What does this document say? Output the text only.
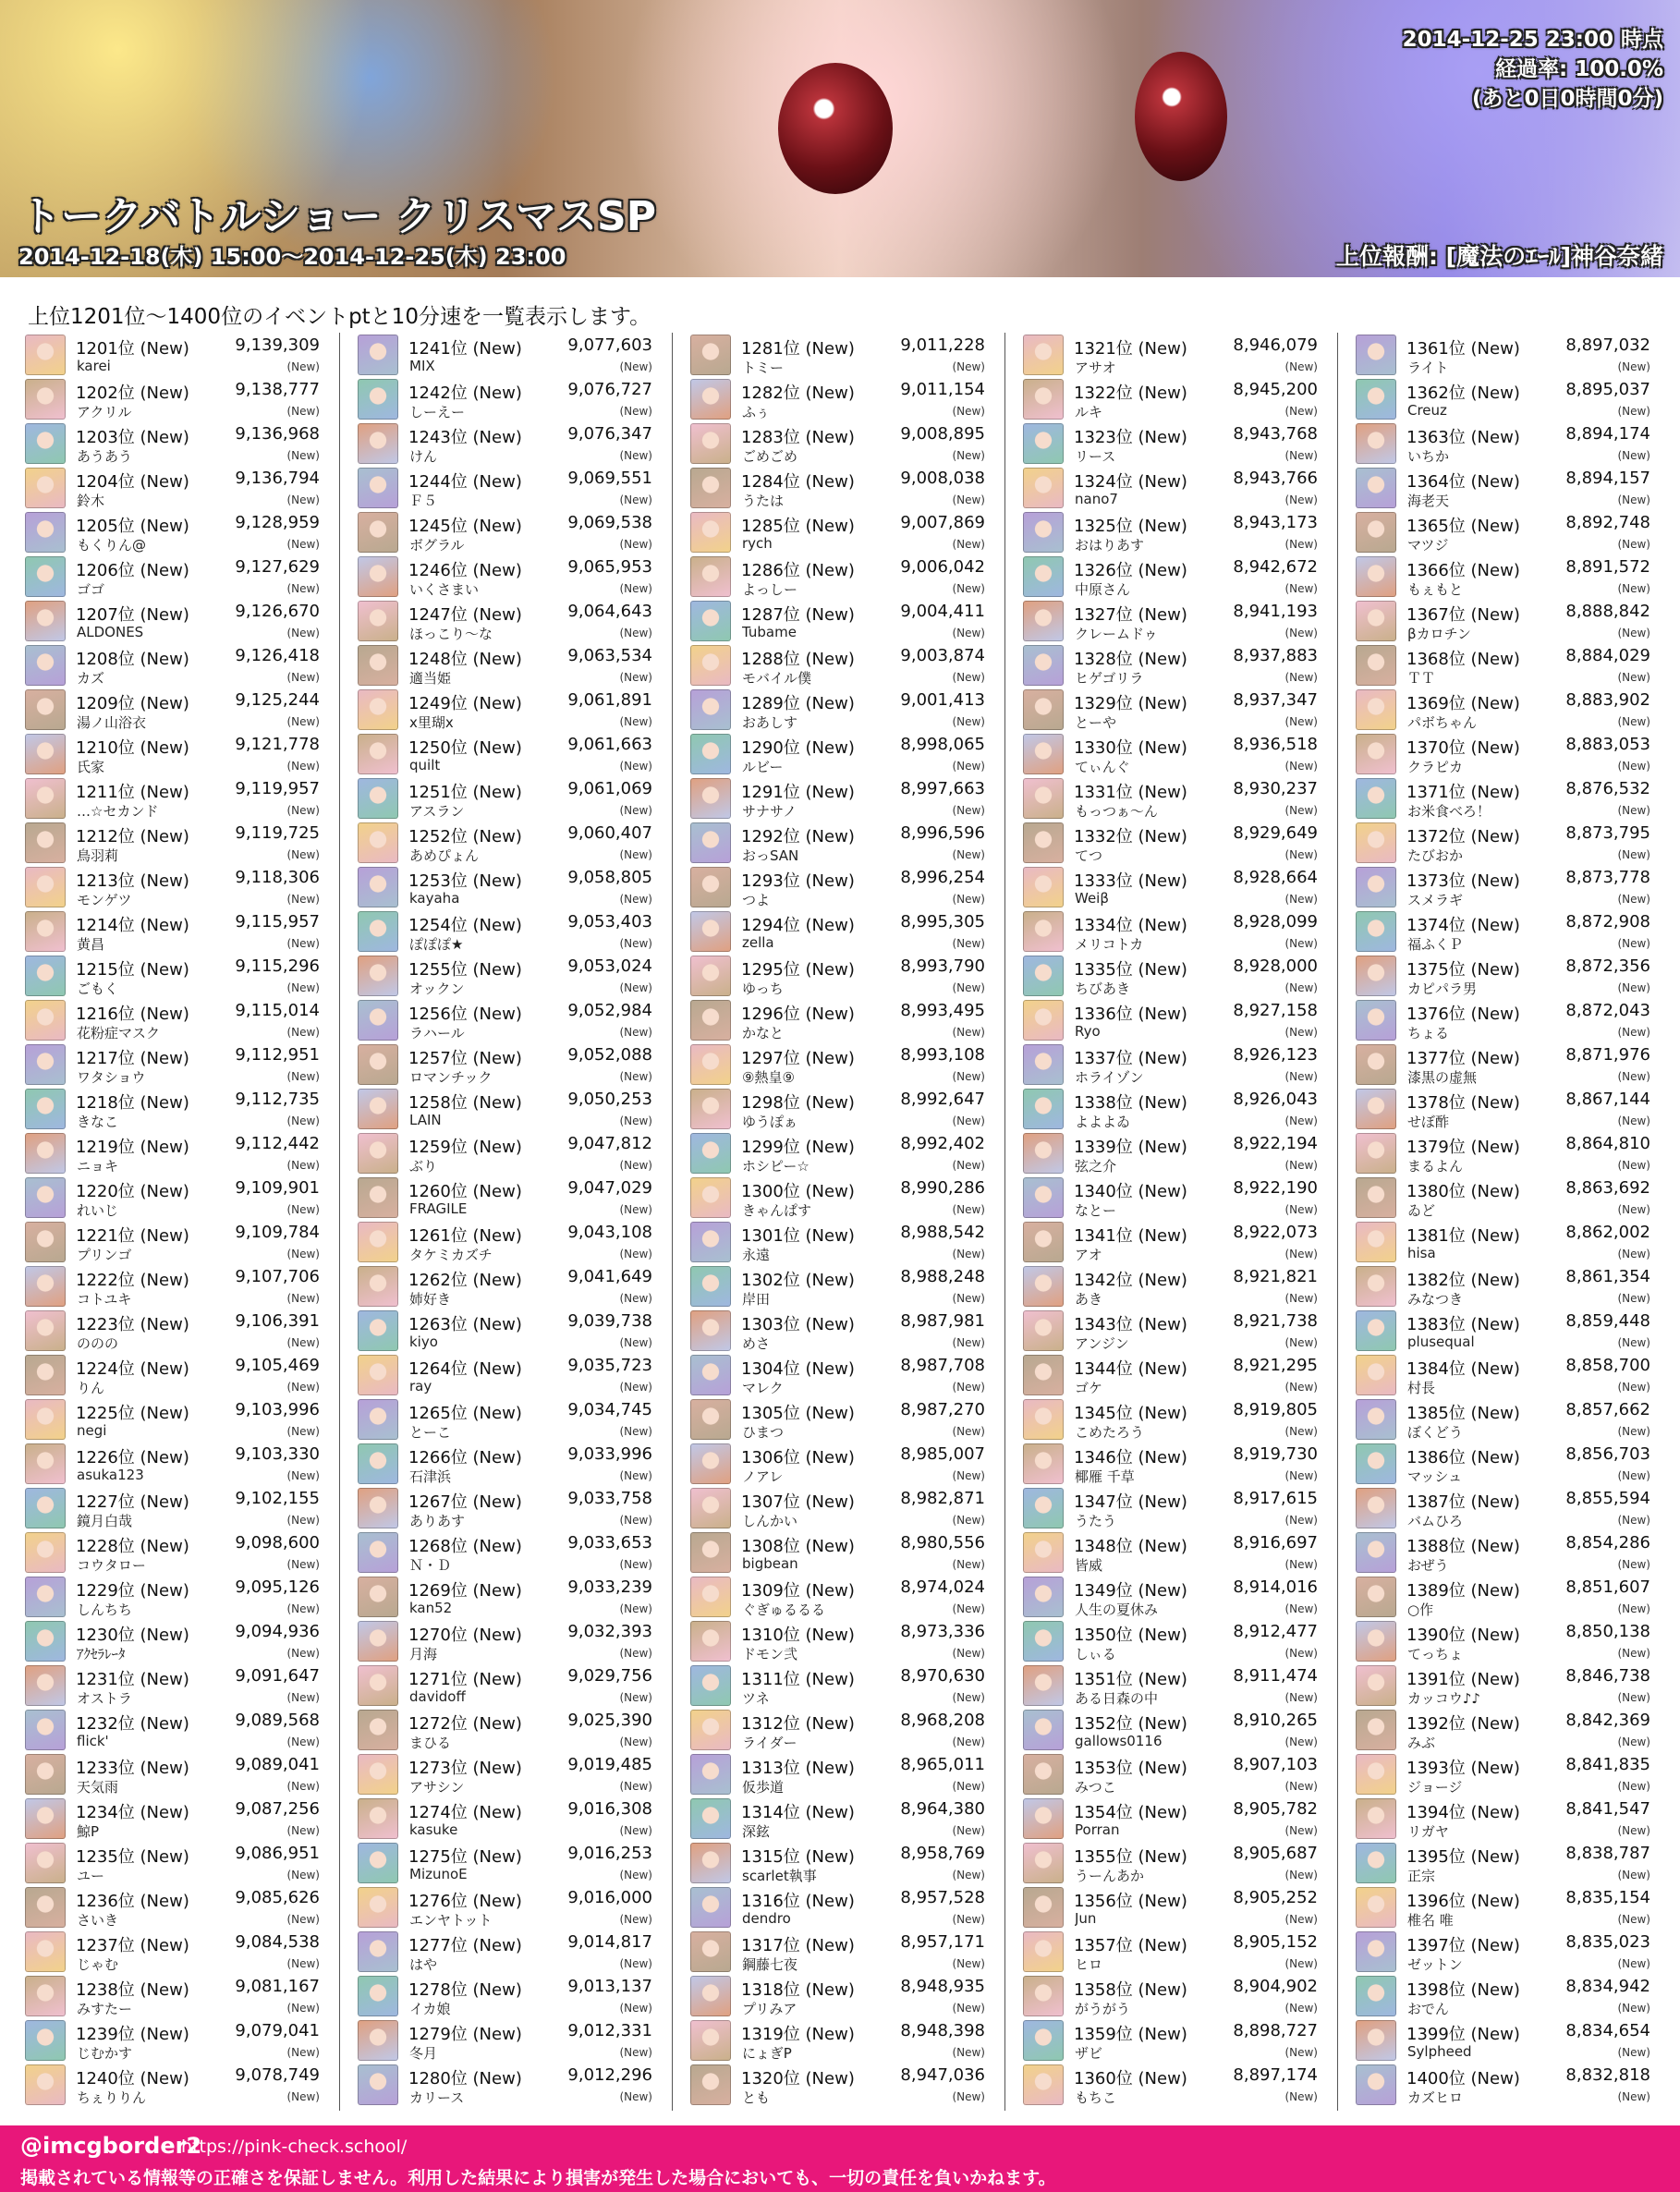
2014-12-25 23:00 時点
経過率: 100.0%
(あと0日0時間0分)
トークバトルショー クリスマスSP
2014-12-18(木) 15:00～2014-12-25(木) 23:00	上位報酬: [魔法のｴｰﾙ]神谷奈緒
上位1201位～1400位のイベントptと10分速を一覧表示します。
1201位 (New)	9,139,309
karei	(New)
1202位 (New)	9,138,777
アクリル	(New)
1203位 (New)	9,136,968
あうあう	(New)
1204位 (New)	9,136,794
鈴木	(New)
1205位 (New)	9,128,959
もくりん@	(New)
1206位 (New)	9,127,629
ゴゴ	(New)
1207位 (New)	9,126,670
ALDONES	(New)
1208位 (New)	9,126,418
カズ	(New)
1209位 (New)	9,125,244
湯ノ山浴衣	(New)
1210位 (New)	9,121,778
氏家	(New)
1211位 (New)	9,119,957
…☆セカンド	(New)
1212位 (New)	9,119,725
鳥羽莉	(New)
1213位 (New)	9,118,306
モンゲツ	(New)
1214位 (New)	9,115,957
黄昌	(New)
1215位 (New)	9,115,296
ごもく	(New)
1216位 (New)	9,115,014
花粉症マスク	(New)
1217位 (New)	9,112,951
ワタショウ	(New)
1218位 (New)	9,112,735
きなこ	(New)
1219位 (New)	9,112,442
ニョキ	(New)
1220位 (New)	9,109,901
れいじ	(New)
1221位 (New)	9,109,784
プリンゴ	(New)
1222位 (New)	9,107,706
コトユキ	(New)
1223位 (New)	9,106,391
ののの	(New)
1224位 (New)	9,105,469
りん	(New)
1225位 (New)	9,103,996
negi	(New)
1226位 (New)	9,103,330
asuka123	(New)
1227位 (New)	9,102,155
鏡月白哉	(New)
1228位 (New)	9,098,600
コウタロー	(New)
1229位 (New)	9,095,126
しんちち	(New)
1230位 (New)	9,094,936
ｱｸｾﾗﾚｰﾀ	(New)
1231位 (New)	9,091,647
オストラ	(New)
1232位 (New)	9,089,568
flick'	(New)
1233位 (New)	9,089,041
天気雨	(New)
1234位 (New)	9,087,256
鯨P	(New)
1235位 (New)	9,086,951
ユー	(New)
1236位 (New)	9,085,626
さいき	(New)
1237位 (New)	9,084,538
じゃむ	(New)
1238位 (New)	9,081,167
みすたー	(New)
1239位 (New)	9,079,041
じむかす	(New)
1240位 (New)	9,078,749
ちぇりりん	(New)
1241位 (New)	9,077,603
MIX	(New)
1242位 (New)	9,076,727
しーえー	(New)
1243位 (New)	9,076,347
けん	(New)
1244位 (New)	9,069,551
Ｆ５	(New)
1245位 (New)	9,069,538
ボグラル	(New)
1246位 (New)	9,065,953
いくさまい	(New)
1247位 (New)	9,064,643
ほっこり～な	(New)
1248位 (New)	9,063,534
適当姫	(New)
1249位 (New)	9,061,891
x里瑚x	(New)
1250位 (New)	9,061,663
quilt	(New)
1251位 (New)	9,061,069
アスラン	(New)
1252位 (New)	9,060,407
あめぴょん	(New)
1253位 (New)	9,058,805
kayaha	(New)
1254位 (New)	9,053,403
ぽぽぽ★	(New)
1255位 (New)	9,053,024
オックン	(New)
1256位 (New)	9,052,984
ラハール	(New)
1257位 (New)	9,052,088
ロマンチック	(New)
1258位 (New)	9,050,253
LAIN	(New)
1259位 (New)	9,047,812
ぶり	(New)
1260位 (New)	9,047,029
FRAGILE	(New)
1261位 (New)	9,043,108
タケミカズチ	(New)
1262位 (New)	9,041,649
姉好き	(New)
1263位 (New)	9,039,738
kiyo	(New)
1264位 (New)	9,035,723
ray	(New)
1265位 (New)	9,034,745
とーこ	(New)
1266位 (New)	9,033,996
石津浜	(New)
1267位 (New)	9,033,758
ありあす	(New)
1268位 (New)	9,033,653
Ｎ・Ｄ	(New)
1269位 (New)	9,033,239
kan52	(New)
1270位 (New)	9,032,393
月海	(New)
1271位 (New)	9,029,756
davidoff	(New)
1272位 (New)	9,025,390
まひる	(New)
1273位 (New)	9,019,485
アサシン	(New)
1274位 (New)	9,016,308
kasuke	(New)
1275位 (New)	9,016,253
MizunoE	(New)
1276位 (New)	9,016,000
エンヤトット	(New)
1277位 (New)	9,014,817
はや	(New)
1278位 (New)	9,013,137
イカ娘	(New)
1279位 (New)	9,012,331
冬月	(New)
1280位 (New)	9,012,296
カリース	(New)
1281位 (New)	9,011,228
トミー	(New)
1282位 (New)	9,011,154
ふぅ	(New)
1283位 (New)	9,008,895
ごめごめ	(New)
1284位 (New)	9,008,038
うたは	(New)
1285位 (New)	9,007,869
rych	(New)
1286位 (New)	9,006,042
よっしー	(New)
1287位 (New)	9,004,411
Tubame	(New)
1288位 (New)	9,003,874
モバイル僕	(New)
1289位 (New)	9,001,413
おあしす	(New)
1290位 (New)	8,998,065
ルビー	(New)
1291位 (New)	8,997,663
サナサノ	(New)
1292位 (New)	8,996,596
おっSAN	(New)
1293位 (New)	8,996,254
つよ	(New)
1294位 (New)	8,995,305
zella	(New)
1295位 (New)	8,993,790
ゆっち	(New)
1296位 (New)	8,993,495
かなと	(New)
1297位 (New)	8,993,108
⑨熱皇⑨	(New)
1298位 (New)	8,992,647
ゆうぽぁ	(New)
1299位 (New)	8,992,402
ホシピー☆	(New)
1300位 (New)	8,990,286
きゃんぱす	(New)
1301位 (New)	8,988,542
永遠	(New)
1302位 (New)	8,988,248
岸田	(New)
1303位 (New)	8,987,981
めさ	(New)
1304位 (New)	8,987,708
マレク	(New)
1305位 (New)	8,987,270
ひまつ	(New)
1306位 (New)	8,985,007
ノアレ	(New)
1307位 (New)	8,982,871
しんかい	(New)
1308位 (New)	8,980,556
bigbean	(New)
1309位 (New)	8,974,024
ぐぎゅるるる	(New)
1310位 (New)	8,973,336
ドモン弐	(New)
1311位 (New)	8,970,630
ツネ	(New)
1312位 (New)	8,968,208
ライダー	(New)
1313位 (New)	8,965,011
仮歩道	(New)
1314位 (New)	8,964,380
深鉉	(New)
1315位 (New)	8,958,769
scarlet執事	(New)
1316位 (New)	8,957,528
dendro	(New)
1317位 (New)	8,957,171
鋼藤七夜	(New)
1318位 (New)	8,948,935
プリみア	(New)
1319位 (New)	8,948,398
にょぎP	(New)
1320位 (New)	8,947,036
とも	(New)
1321位 (New)	8,946,079
アサオ	(New)
1322位 (New)	8,945,200
ルキ	(New)
1323位 (New)	8,943,768
リース	(New)
1324位 (New)	8,943,766
nano7	(New)
1325位 (New)	8,943,173
おはりあす	(New)
1326位 (New)	8,942,672
中原さん	(New)
1327位 (New)	8,941,193
クレームドゥ	(New)
1328位 (New)	8,937,883
ヒゲゴリラ	(New)
1329位 (New)	8,937,347
とーや	(New)
1330位 (New)	8,936,518
てぃんぐ	(New)
1331位 (New)	8,930,237
もっつぁ～ん	(New)
1332位 (New)	8,929,649
てつ	(New)
1333位 (New)	8,928,664
Weiβ	(New)
1334位 (New)	8,928,099
メリコトカ	(New)
1335位 (New)	8,928,000
ちびあき	(New)
1336位 (New)	8,927,158
Ryo	(New)
1337位 (New)	8,926,123
ホライゾン	(New)
1338位 (New)	8,926,043
よよよゐ	(New)
1339位 (New)	8,922,194
弦之介	(New)
1340位 (New)	8,922,190
なとー	(New)
1341位 (New)	8,922,073
アオ	(New)
1342位 (New)	8,921,821
あき	(New)
1343位 (New)	8,921,738
アンジン	(New)
1344位 (New)	8,921,295
ゴケ	(New)
1345位 (New)	8,919,805
こめたろう	(New)
1346位 (New)	8,919,730
椰雁 千草	(New)
1347位 (New)	8,917,615
うたう	(New)
1348位 (New)	8,916,697
皆威	(New)
1349位 (New)	8,914,016
人生の夏休み	(New)
1350位 (New)	8,912,477
しぃる	(New)
1351位 (New)	8,911,474
ある日森の中	(New)
1352位 (New)	8,910,265
gallows0116	(New)
1353位 (New)	8,907,103
みつこ	(New)
1354位 (New)	8,905,782
Porran	(New)
1355位 (New)	8,905,687
うーんあか	(New)
1356位 (New)	8,905,252
Jun	(New)
1357位 (New)	8,905,152
ヒロ	(New)
1358位 (New)	8,904,902
がうがう	(New)
1359位 (New)	8,898,727
ザビ	(New)
1360位 (New)	8,897,174
もちこ	(New)
1361位 (New)	8,897,032
ライト	(New)
1362位 (New)	8,895,037
Creuz	(New)
1363位 (New)	8,894,174
いちか	(New)
1364位 (New)	8,894,157
海老天	(New)
1365位 (New)	8,892,748
マツジ	(New)
1366位 (New)	8,891,572
もぇもと	(New)
1367位 (New)	8,888,842
βカロチン	(New)
1368位 (New)	8,884,029
ＴＴ	(New)
1369位 (New)	8,883,902
パボちゃん	(New)
1370位 (New)	8,883,053
クラピカ	(New)
1371位 (New)	8,876,532
お米食べろ！	(New)
1372位 (New)	8,873,795
たびおか	(New)
1373位 (New)	8,873,778
スメラギ	(New)
1374位 (New)	8,872,908
福ふくＰ	(New)
1375位 (New)	8,872,356
カピパラ男	(New)
1376位 (New)	8,872,043
ちょる	(New)
1377位 (New)	8,871,976
漆黒の虚無	(New)
1378位 (New)	8,867,144
せぼ酢	(New)
1379位 (New)	8,864,810
まるよん	(New)
1380位 (New)	8,863,692
ゐど	(New)
1381位 (New)	8,862,002
hisa	(New)
1382位 (New)	8,861,354
みなつき	(New)
1383位 (New)	8,859,448
plusequal	(New)
1384位 (New)	8,858,700
村長	(New)
1385位 (New)	8,857,662
ぼくどう	(New)
1386位 (New)	8,856,703
マッシュ	(New)
1387位 (New)	8,855,594
バムひろ	(New)
1388位 (New)	8,854,286
おぜう	(New)
1389位 (New)	8,851,607
○作	(New)
1390位 (New)	8,850,138
てっちょ	(New)
1391位 (New)	8,846,738
カッコウ♪♪	(New)
1392位 (New)	8,842,369
みぶ	(New)
1393位 (New)	8,841,835
ジョージ	(New)
1394位 (New)	8,841,547
リガヤ	(New)
1395位 (New)	8,838,787
正宗	(New)
1396位 (New)	8,835,154
椎名 唯	(New)
1397位 (New)	8,835,023
ゼットン	(New)
1398位 (New)	8,834,942
おでん	(New)
1399位 (New)	8,834,654
Sylpheed	(New)
1400位 (New)	8,832,818
カズヒロ	(New)
@imcgborder2
https://pink-check.school/
掲載されている情報等の正確さを保証しません。利用した結果により損害が発生した場合においても、一切の責任を負いかねます。
